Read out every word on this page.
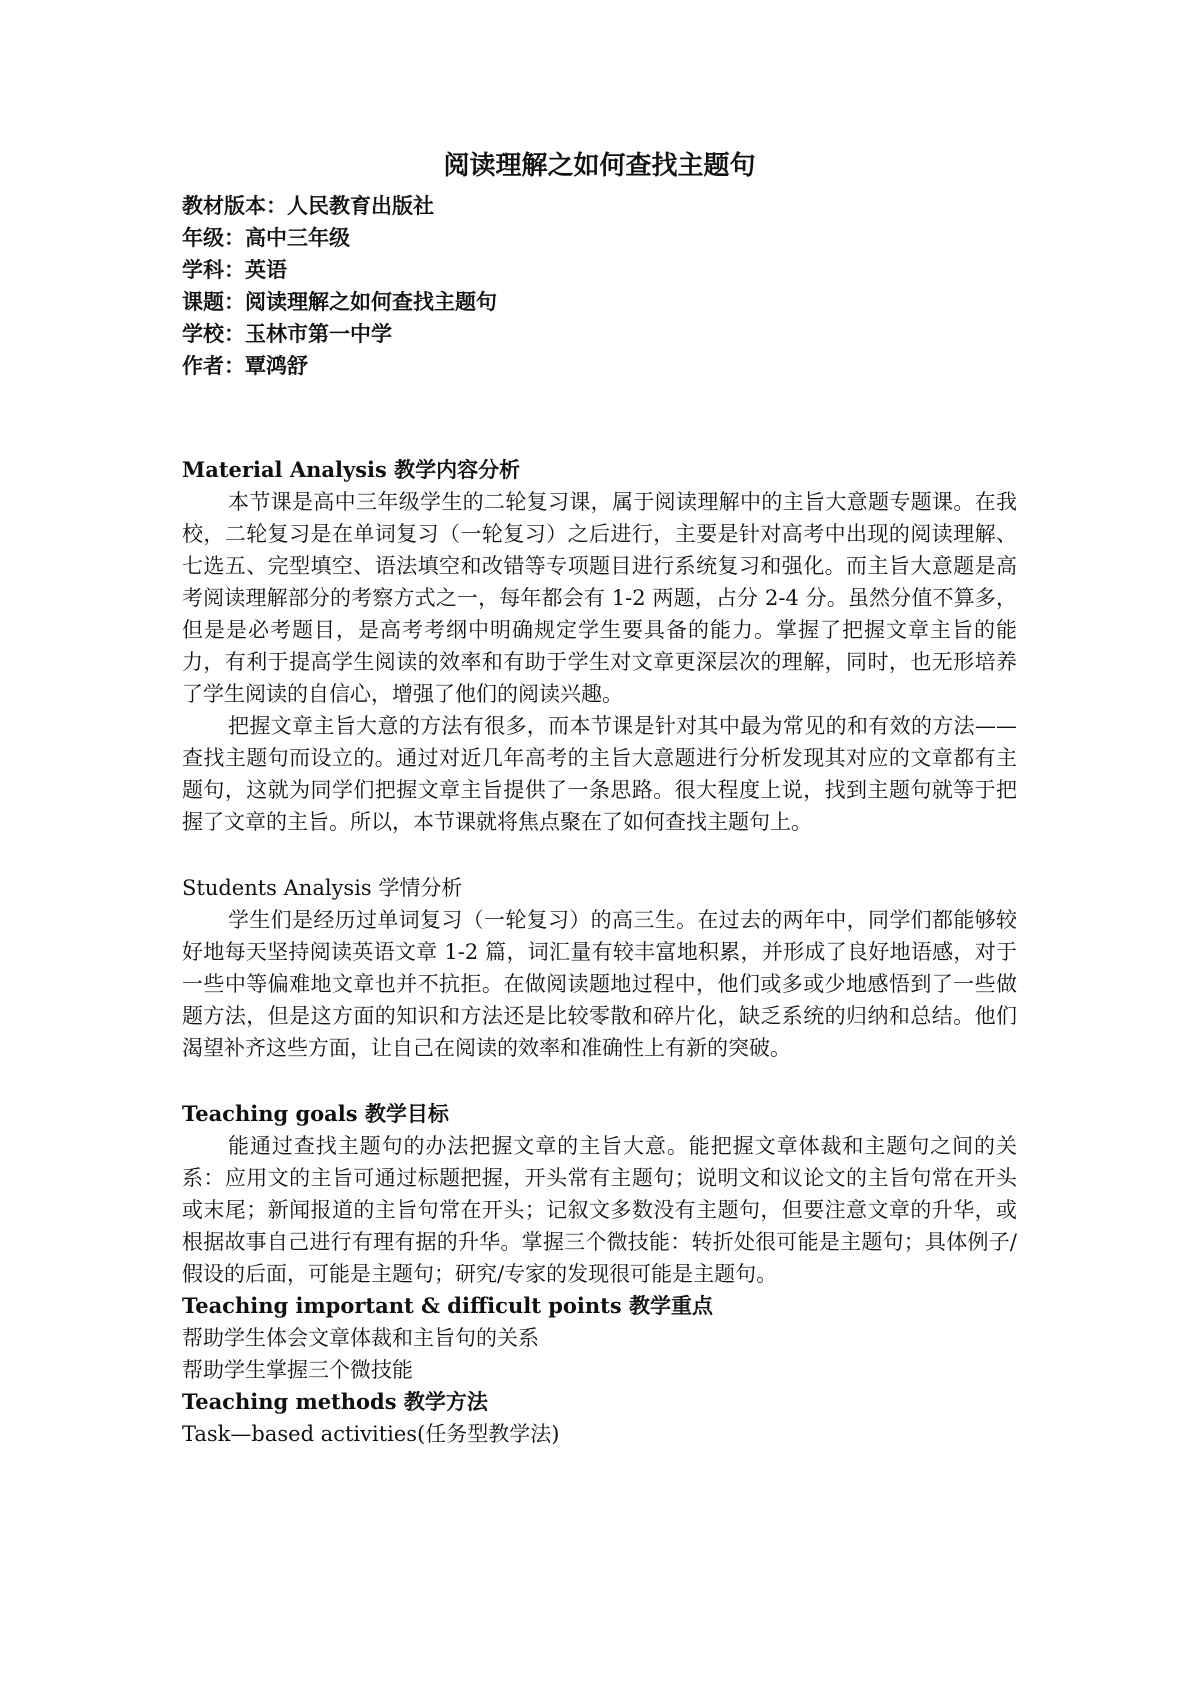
阅读理解之如何查找主题句

教材版本：人民教育出版社

年级：高中三年级

学科：英语

课题：阅读理解之如何查找主题句

学校：玉林市第一中学

作者：覃鸿舒

Material Analysis 教学内容分析

本节课是高中三年级学生的二轮复习课，属于阅读理解中的主旨大意题专题课。在我校，二轮复习是在单词复习（一轮复习）之后进行，主要是针对高考中出现的阅读理解、七选五、完型填空、语法填空和改错等专项题目进行系统复习和强化。而主旨大意题是高考阅读理解部分的考察方式之一，每年都会有 1-2 两题，占分 2-4 分。虽然分值不算多，但是是必考题目，是高考考纲中明确规定学生要具备的能力。掌握了把握文章主旨的能力，有利于提高学生阅读的效率和有助于学生对文章更深层次的理解，同时，也无形培养了学生阅读的自信心，增强了他们的阅读兴趣。

把握文章主旨大意的方法有很多，而本节课是针对其中最为常见的和有效的方法——查找主题句而设立的。通过对近几年高考的主旨大意题进行分析发现其对应的文章都有主题句，这就为同学们把握文章主旨提供了一条思路。很大程度上说，找到主题句就等于把握了文章的主旨。所以，本节课就将焦点聚在了如何查找主题句上。

Students Analysis 学情分析

学生们是经历过单词复习（一轮复习）的高三生。在过去的两年中，同学们都能够较好地每天坚持阅读英语文章 1-2 篇，词汇量有较丰富地积累，并形成了良好地语感，对于一些中等偏难地文章也并不抗拒。在做阅读题地过程中，他们或多或少地感悟到了一些做题方法，但是这方面的知识和方法还是比较零散和碎片化，缺乏系统的归纳和总结。他们渴望补齐这些方面，让自己在阅读的效率和准确性上有新的突破。

Teaching goals 教学目标

能通过查找主题句的办法把握文章的主旨大意。能把握文章体裁和主题句之间的关系：应用文的主旨可通过标题把握，开头常有主题句；说明文和议论文的主旨句常在开头或末尾；新闻报道的主旨句常在开头；记叙文多数没有主题句，但要注意文章的升华，或根据故事自己进行有理有据的升华。掌握三个微技能：转折处很可能是主题句；具体例子/假设的后面，可能是主题句；研究/专家的发现很可能是主题句。

Teaching important & difficult points 教学重点

帮助学生体会文章体裁和主旨句的关系

帮助学生掌握三个微技能

Teaching methods 教学方法

Task—based activities(任务型教学法)
